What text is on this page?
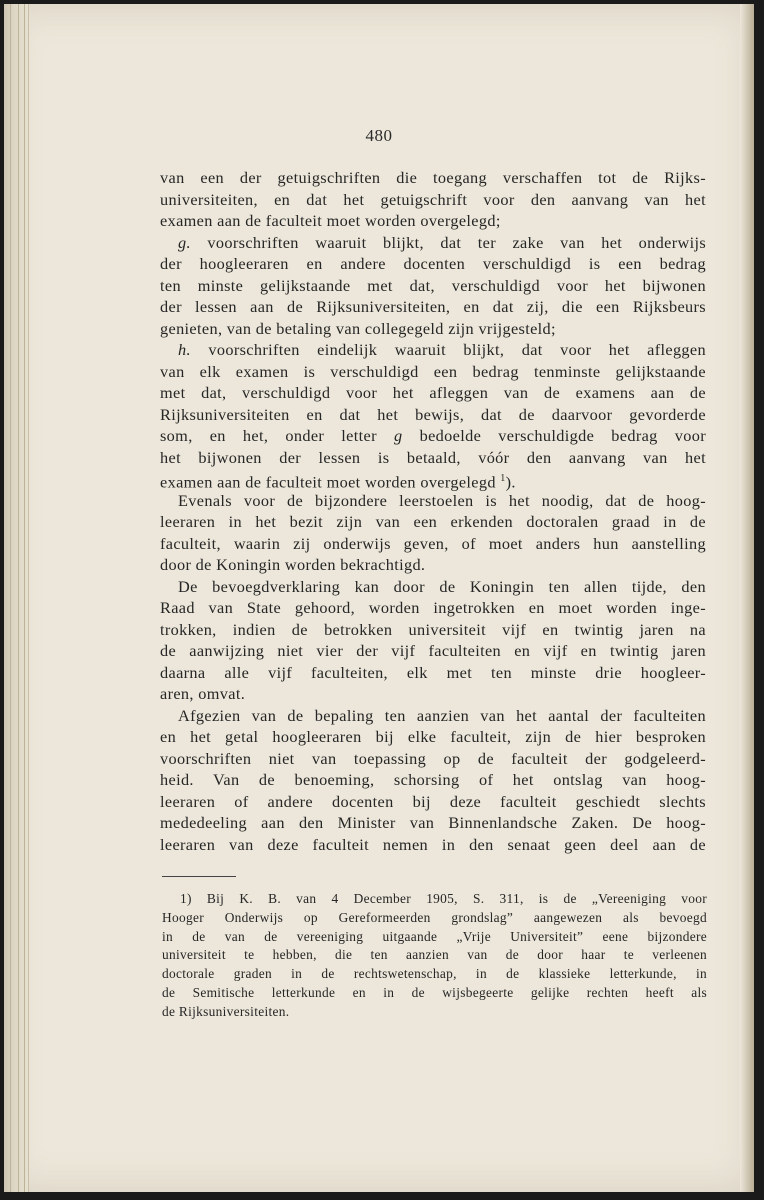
480
van een der getuigschriften die toegang verschaffen tot de Rijks-
universiteiten, en dat het getuigschrift voor den aanvang van het
examen aan de faculteit moet worden overgelegd;
g. voorschriften waaruit blijkt, dat ter zake van het onderwijs
der hoogleeraren en andere docenten verschuldigd is een bedrag
ten minste gelijkstaande met dat, verschuldigd voor het bijwonen
der lessen aan de Rijksuniversiteiten, en dat zij, die een Rijksbeurs
genieten, van de betaling van collegegeld zijn vrijgesteld;
h. voorschriften eindelijk waaruit blijkt, dat voor het afleggen
van elk examen is verschuldigd een bedrag tenminste gelijkstaande
met dat, verschuldigd voor het afleggen van de examens aan de
Rijksuniversiteiten en dat het bewijs, dat de daarvoor gevorderde
som, en het, onder letter g bedoelde verschuldigde bedrag voor
het bijwonen der lessen is betaald, vóór den aanvang van het
examen aan de faculteit moet worden overgelegd $^1$).
Evenals voor de bijzondere leerstoelen is het noodig, dat de hoog-
leeraren in het bezit zijn van een erkenden doctoralen graad in de
faculteit, waarin zij onderwijs geven, of moet anders hun aanstelling
door de Koningin worden bekrachtigd.
De bevoegdverklaring kan door de Koningin ten allen tijde, den
Raad van State gehoord, worden ingetrokken en moet worden inge-
trokken, indien de betrokken universiteit vijf en twintig jaren na
de aanwijzing niet vier der vijf faculteiten en vijf en twintig jaren
daarna alle vijf faculteiten, elk met ten minste drie hoogleer-
aren, omvat.
Afgezien van de bepaling ten aanzien van het aantal der faculteiten
en het getal hoogleeraren bij elke faculteit, zijn de hier besproken
voorschriften niet van toepassing op de faculteit der godgeleerd-
heid. Van de benoeming, schorsing of het ontslag van hoog-
leeraren of andere docenten bij deze faculteit geschiedt slechts
mededeeling aan den Minister van Binnenlandsche Zaken. De hoog-
leeraren van deze faculteit nemen in den senaat geen deel aan de
1) Bij K. B. van 4 December 1905, S. 311, is de „Vereeniging voor
Hooger Onderwijs op Gereformeerden grondslag” aangewezen als bevoegd
in de van de vereeniging uitgaande „Vrije Universiteit” eene bijzondere
universiteit te hebben, die ten aanzien van de door haar te verleenen
doctorale graden in de rechtswetenschap, in de klassieke letterkunde, in
de Semitische letterkunde en in de wijsbegeerte gelijke rechten heeft als
de Rijksuniversiteiten.
